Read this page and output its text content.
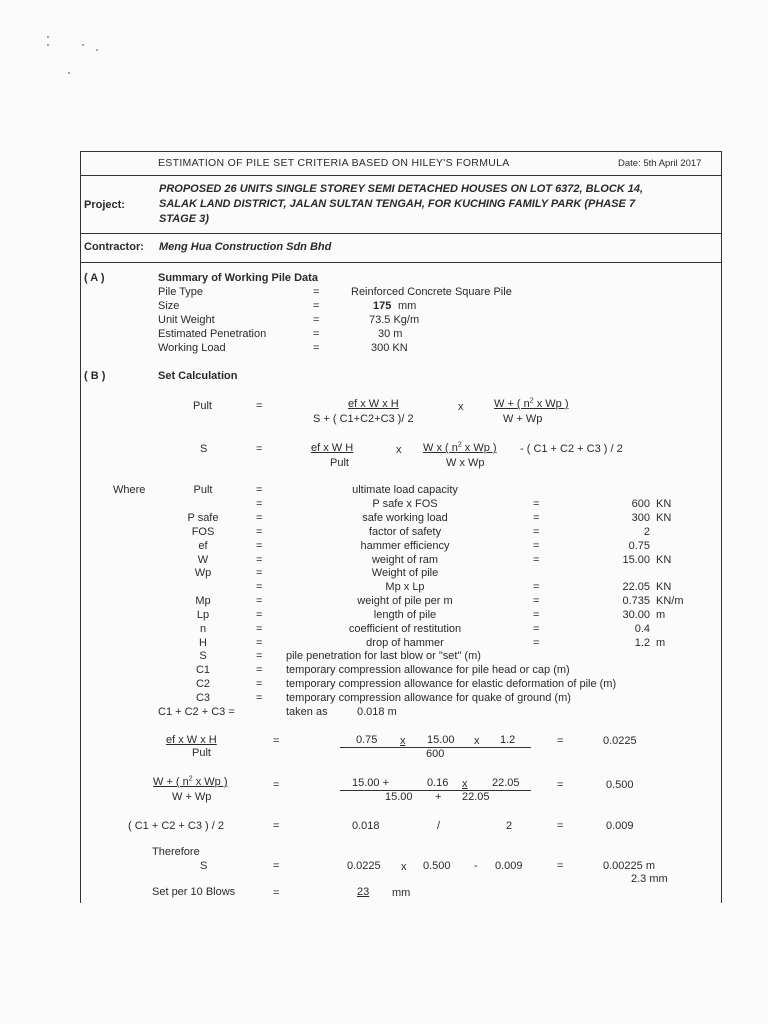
ESTIMATION OF PILE SET CRITERIA BASED ON HILEY'S FORMULA	Date: 5th April 2017
Project:
PROPOSED 26 UNITS SINGLE STOREY SEMI DETACHED HOUSES ON LOT 6372, BLOCK 14,
SALAK LAND DISTRICT, JALAN SULTAN TENGAH, FOR KUCHING FAMILY PARK (PHASE 7
STAGE 3)
Contractor: Meng Hua Construction Sdn Bhd
( A )	Summary of Working Pile Data
Pile Type	=	Reinforced Concrete Square Pile
Size	=	175 mm
Unit Weight	=	73.5 Kg/m
Estimated Penetration	=	30 m
Working Load	=	300 KN
( B )	Set Calculation
Pult	=	ef x W x H
S + ( C1+C2+C3 )/ 2
x	W + ( $n^2$ x Wp )
W + Wp
S	=	ef x W H
Pult
x W x ( $n^2$ x Wp )
W x Wp
- ( C1 + C2 + C3 ) / 2
Where	Pult	=	ultimate load capacity
=	P safe x FOS	=	600 KN
P safe	=	safe working load	=	300 KN
FOS	=	factor of safety	=	2
ef	=	hammer efficiency	=	0.75
W	=	weight of ram	=	15.00 KN
Wp	=	Weight of pile
=	Mp x Lp	=	22.05 KN
Mp	=	weight of pile per m	=	0.735 KN/m
Lp	=	length of pile	=	30.00 m
n	=	coefficient of restitution	=	0.4
H	=	drop of hammer	=	1.2 m
S	= pile penetration for last blow or "set" (m)
C1	= temporary compression allowance for pile head or cap (m)
C2	= temporary compression allowance for elastic deformation of pile (m)
C3	= temporary compression allowance for quake of ground (m)
C1 + C2 + C3 =	taken as	0.018 m
ef x W x H
Pult
=	0.75 x 15.00 x 1.2
600
=	0.0225
W + ( $n^2$ x Wp )
W + Wp
=	15.00 +	0.16 x 22.05
15.00 + 22.05
=	0.500
( C1 + C2 + C3 ) / 2	=	0.018	/	2	=	0.009
Therefore
S	=	0.0225 x 0.500 - 0.009	=	0.00225 m
2.3 mm
Set per 10 Blows	=	23 mm
